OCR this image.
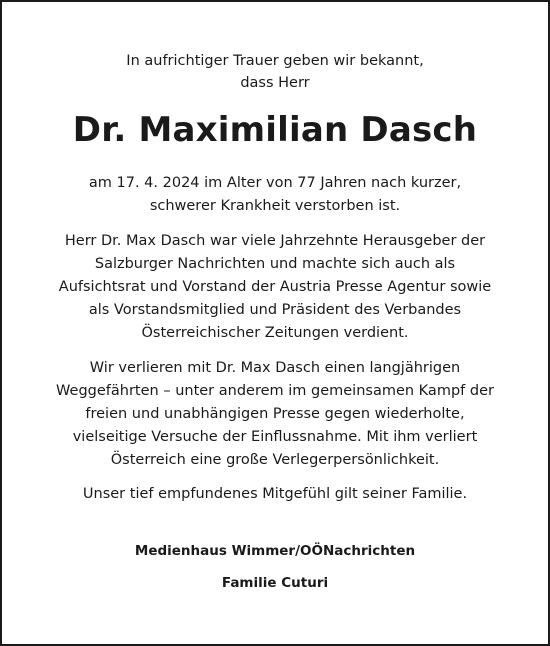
In aufrichtiger Trauer geben wir bekannt,
dass Herr
Dr. Maximilian Dasch
am 17. 4. 2024 im Alter von 77 Jahren nach kurzer,
schwerer Krankheit verstorben ist.
Herr Dr. Max Dasch war viele Jahrzehnte Herausgeber der
Salzburger Nachrichten und machte sich auch als
Aufsichtsrat und Vorstand der Austria Presse Agentur sowie
als Vorstandsmitglied und Präsident des Verbandes
Österreichischer Zeitungen verdient.
Wir verlieren mit Dr. Max Dasch einen langjährigen
Weggefährten – unter anderem im gemeinsamen Kampf der
freien und unabhängigen Presse gegen wiederholte,
vielseitige Versuche der Einflussnahme. Mit ihm verliert
Österreich eine große Verlegerpersönlichkeit.
Unser tief empfundenes Mitgefühl gilt seiner Familie.
Medienhaus Wimmer/OÖNachrichten
Familie Cuturi
